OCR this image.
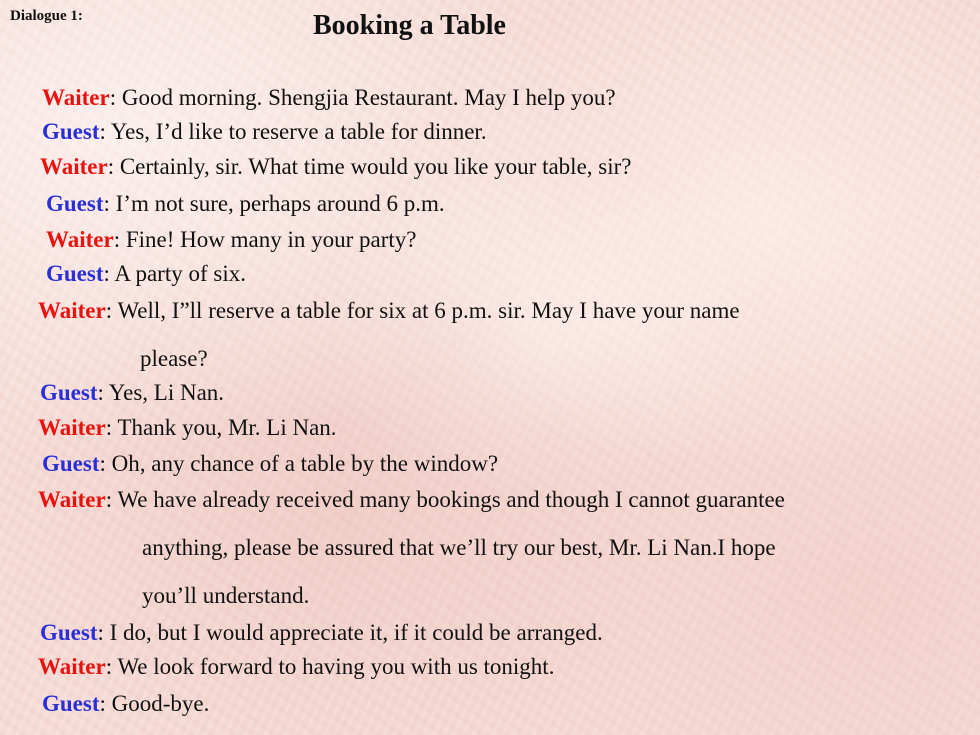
Dialogue 1:	Booking a Table
Waiter: Good morning. Shengjia Restaurant. May I help you?
Guest: Yes, I’d like to reserve a table for dinner.
Waiter: Certainly, sir. What time would you like your table, sir?
Guest: I’m not sure, perhaps around 6 p.m.
Waiter: Fine! How many in your party?
Guest: A party of six.
Waiter: Well, I”ll reserve a table for six at 6 p.m. sir. May I have your name
please?
Guest: Yes, Li Nan.
Waiter: Thank you, Mr. Li Nan.
Guest: Oh, any chance of a table by the window?
Waiter: We have already received many bookings and though I cannot guarantee
anything, please be assured that we’ll try our best, Mr. Li Nan.I hope
you’ll understand.
Guest: I do, but I would appreciate it, if it could be arranged.
Waiter: We look forward to having you with us tonight.
Guest: Good-bye.
